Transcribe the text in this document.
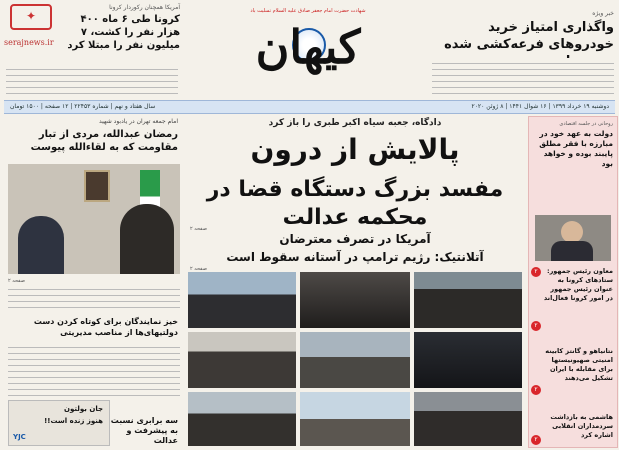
✦
serajnews.ir
آمریکا همچنان رکوردار کرونا
کرونا طی ۶ ماه ۴۰۰ هزار نفر را کشت، ۷ میلیون نفر را مبتلا کرد
شهادت حضرت امام جعفر صادق علیه السلام تسلیت باد
کیهان
خبر ویژه
واگذاری امتیاز خرید خودروهای فرعه‌کشی شده
دوشنبه ۱۹ خرداد ۱۳۹۹ | ۱۶ شوال ۱۴۴۱ | ۸ ژوئن ۲۰۲۰
سال هفتاد و نهم | شماره ۲۲۴۵۳ | ۱۲ صفحه | ۱۵۰۰ تومان
روحانی در جلسه اقتصادی
دولت به عهد خود در مبارزه با فقر مطلق پایبند بوده و خواهد بود
۲	معاون رئیس جمهور: ستادهای کرونا به عنوان رئیس جمهور در امور کرونا فعال‌اند
۲
نتانیاهو و گانتز کابینه امنیتی صهیونیستها برای مقابله با ایران تشکیل می‌دهند
۲
هاشمی به بازداشت سردمداران انقلابی اشاره کرد
۲
دادگاه، جعبه سیاه اکبر طبری را باز کرد
پالایش از درون
مفسد بزرگ دستگاه قضا در محکمه عدالت
صفحه ۲
آمریکا در تصرف معترضان
آتلانتیک: رژیم ترامپ در آستانه سقوط است
صفحه ۲
امام جمعه تهران در یادبود شهید
رمضان عبدالله، مردی از تبار مقاومت که به لقاءالله پیوست
صفحه ۲
خیز نمایندگان برای کوتاه کردن دست دولتیهای‌ها از مناصب مدیریتی
جان بولتون
هنوز زنده است!!
YJC
سه برابری نسبت به پیشرفت و عدالت
